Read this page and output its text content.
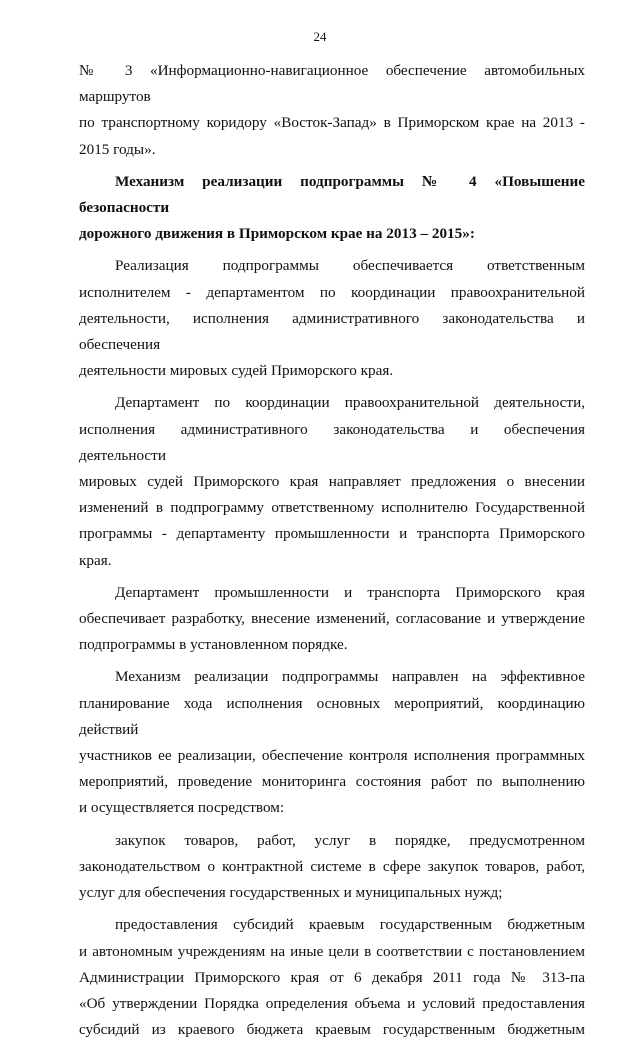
24

№ 3 «Информационно-навигационное обеспечение автомобильных маршрутов

по транспортному коридору «Восток-Запад» в Приморском крае на 2013 -

2015 годы».

Механизм реализации подпрограммы № 4 «Повышение безопасности

дорожного движения в Приморском крае на 2013 – 2015»:

Реализация подпрограммы обеспечивается ответственным

исполнителем - департаментом по координации правоохранительной

деятельности, исполнения административного законодательства и обеспечения

деятельности мировых судей Приморского края.

Департамент по координации правоохранительной деятельности,

исполнения административного законодательства и обеспечения деятельности

мировых судей Приморского края направляет предложения о внесении

изменений в подпрограмму ответственному исполнителю Государственной

программы - департаменту промышленности и транспорта Приморского края.

Департамент промышленности и транспорта Приморского края

обеспечивает разработку, внесение изменений, согласование и утверждение

подпрограммы в установленном порядке.

Механизм реализации подпрограммы направлен на эффективное

планирование хода исполнения основных мероприятий, координацию действий

участников ее реализации, обеспечение контроля исполнения программных

мероприятий, проведение мониторинга состояния работ по выполнению

и осуществляется посредством:

закупок товаров, работ, услуг в порядке, предусмотренном

законодательством о контрактной системе в сфере закупок товаров, работ,

услуг для обеспечения государственных и муниципальных нужд;

предоставления субсидий краевым государственным бюджетным

и автономным учреждениям на иные цели в соответствии с постановлением

Администрации Приморского края от 6 декабря 2011 года № 313-па

«Об утверждении Порядка определения объема и условий предоставления

субсидий из краевого бюджета краевым государственным бюджетным
